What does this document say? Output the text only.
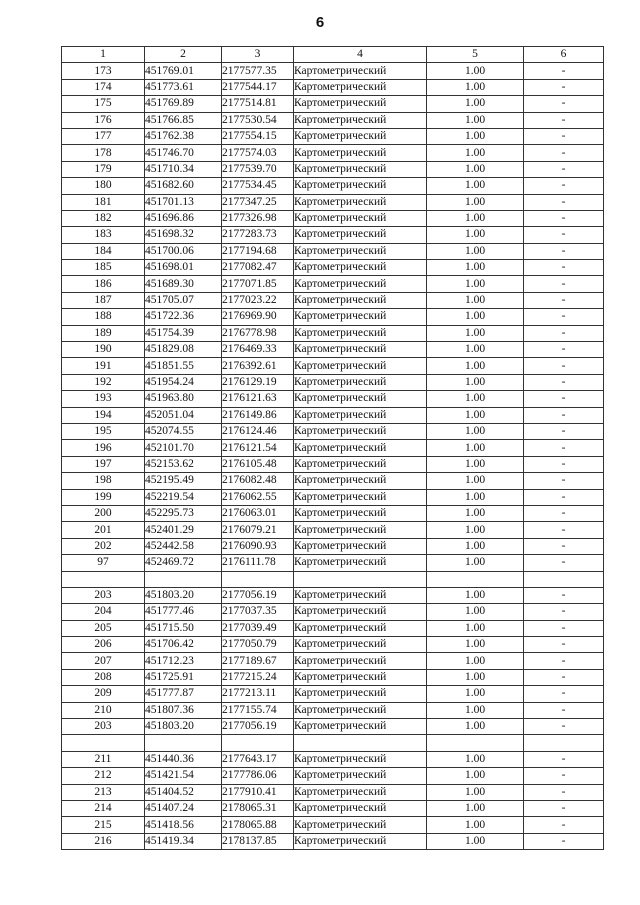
6
1	2	3	4	5	6
173	451769.01	2177577.35	Картометрический	1.00	-
174	451773.61	2177544.17	Картометрический	1.00	-
175	451769.89	2177514.81	Картометрический	1.00	-
176	451766.85	2177530.54	Картометрический	1.00	-
177	451762.38	2177554.15	Картометрический	1.00	-
178	451746.70	2177574.03	Картометрический	1.00	-
179	451710.34	2177539.70	Картометрический	1.00	-
180	451682.60	2177534.45	Картометрический	1.00	-
181	451701.13	2177347.25	Картометрический	1.00	-
182	451696.86	2177326.98	Картометрический	1.00	-
183	451698.32	2177283.73	Картометрический	1.00	-
184	451700.06	2177194.68	Картометрический	1.00	-
185	451698.01	2177082.47	Картометрический	1.00	-
186	451689.30	2177071.85	Картометрический	1.00	-
187	451705.07	2177023.22	Картометрический	1.00	-
188	451722.36	2176969.90	Картометрический	1.00	-
189	451754.39	2176778.98	Картометрический	1.00	-
190	451829.08	2176469.33	Картометрический	1.00	-
191	451851.55	2176392.61	Картометрический	1.00	-
192	451954.24	2176129.19	Картометрический	1.00	-
193	451963.80	2176121.63	Картометрический	1.00	-
194	452051.04	2176149.86	Картометрический	1.00	-
195	452074.55	2176124.46	Картометрический	1.00	-
196	452101.70	2176121.54	Картометрический	1.00	-
197	452153.62	2176105.48	Картометрический	1.00	-
198	452195.49	2176082.48	Картометрический	1.00	-
199	452219.54	2176062.55	Картометрический	1.00	-
200	452295.73	2176063.01	Картометрический	1.00	-
201	452401.29	2176079.21	Картометрический	1.00	-
202	452442.58	2176090.93	Картометрический	1.00	-
97	452469.72	2176111.78	Картометрический	1.00	-

203	451803.20	2177056.19	Картометрический	1.00	-
204	451777.46	2177037.35	Картометрический	1.00	-
205	451715.50	2177039.49	Картометрический	1.00	-
206	451706.42	2177050.79	Картометрический	1.00	-
207	451712.23	2177189.67	Картометрический	1.00	-
208	451725.91	2177215.24	Картометрический	1.00	-
209	451777.87	2177213.11	Картометрический	1.00	-
210	451807.36	2177155.74	Картометрический	1.00	-
203	451803.20	2177056.19	Картометрический	1.00	-

211	451440.36	2177643.17	Картометрический	1.00	-
212	451421.54	2177786.06	Картометрический	1.00	-
213	451404.52	2177910.41	Картометрический	1.00	-
214	451407.24	2178065.31	Картометрический	1.00	-
215	451418.56	2178065.88	Картометрический	1.00	-
216	451419.34	2178137.85	Картометрический	1.00	-
